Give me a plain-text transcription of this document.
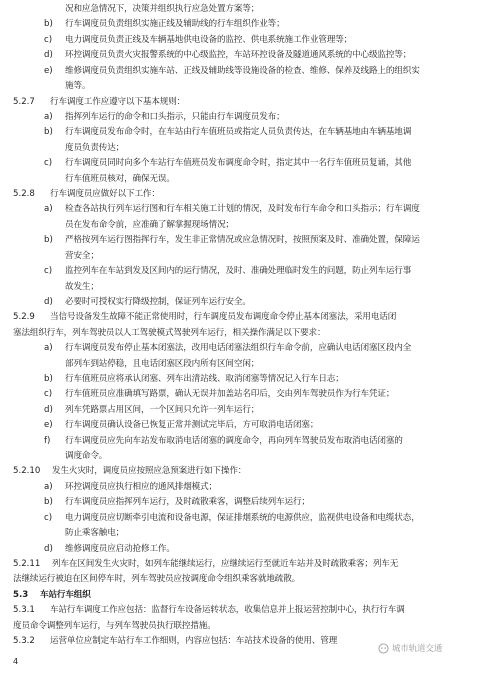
况和应急情况下，决策并组织执行应急处置方案等；
b) 行车调度员负责组织实施正线及辅助线的行车组织作业等；
c) 电力调度员负责正线及车辆基地供电设备的监控、供电系统施工作业管理等；
d) 环控调度员负责火灾报警系统的中心级监控，车站环控设备及隧道通风系统的中心级监控等；
e) 维修调度员负责组织实施车站、正线及辅助线等设施设备的检查、维修、保养及线路上的组织实
施等。
5.2.7 行车调度工作应遵守以下基本规则：
a) 指挥列车运行的命令和口头指示，只能由行车调度员发布；
b) 行车调度员发布命令时，在车站由行车值班员或指定人员负责传达，在车辆基地由车辆基地调
度员负责传达；
c) 行车调度员同时向多个车站行车值班员发布调度命令时，指定其中一名行车值班员复诵，其他
行车值班员核对，确保无误。
5.2.8 行车调度员应做好以下工作：
a) 检查各站执行列车运行图和行车相关施工计划的情况，及时发布行车命令和口头指示；行车调度
员在发布命令前，应准确了解掌握现场情况；
b) 严格按列车运行图指挥行车，发生非正常情况或应急情况时，按照预案及时、准确处置，保障运
营安全；
c) 监控列车在车站到发及区间内的运行情况，及时、准确处理临时发生的问题，防止列车运行事
故发生；
d) 必要时可授权实行降级控制，保证列车运行安全。
5.2.9 当信号设备发生故障不能正常使用时，行车调度员发布调度命令停止基本闭塞法，采用电话闭
塞法组织行车，列车驾驶员以人工驾驶模式驾驶列车运行，相关操作满足以下要求：
a) 行车调度员发布停止基本闭塞法，改用电话闭塞法组织行车命令前，应确认电话闭塞区段内全
部列车到站停稳，且电话闭塞区段内所有区间空闲；
b) 行车值班员应将承认闭塞、列车出清站线、取消闭塞等情况记入行车日志；
c) 行车值班员应准确填写路票，确认无误并加盖站名印后，交由列车驾驶员作为行车凭证；
d) 列车凭路票占用区间，一个区间只允许一列车运行；
e) 行车调度员确认设备已恢复正常并测试完毕后，方可取消电话闭塞；
f) 行车调度员应先向车站发布取消电话闭塞的调度命令，再向列车驾驶员发布取消电话闭塞的
调度命令。
5.2.10 发生火灾时，调度员应按照应急预案进行如下操作：
a) 环控调度员应执行相应的通风排烟模式；
b) 行车调度员应指挥列车运行，及时疏散乘客，调整后续列车运行；
c) 电力调度员应切断牵引电流和设备电源，保证排烟系统的电源供应，监视供电设备和电缆状态，
防止乘客触电；
d) 维修调度员应启动抢修工作。
5.2.11 列车在区间发生火灾时，如列车能继续运行，应继续运行至就近车站并及时疏散乘客；列车无
法继续运行被迫在区间停车时，列车驾驶员应按调度命令组织乘客就地疏散。
5.3 车站行车组织
5.3.1 车站行车调度工作应包括：监督行车设备运转状态，收集信息并上报运营控制中心，执行行车调
度员命令调整列车运行，与列车驾驶员执行联控措施。
5.3.2 运营单位应制定车站行车工作细则，内容应包括：车站技术设备的使用、管理
4
城市轨道交通
